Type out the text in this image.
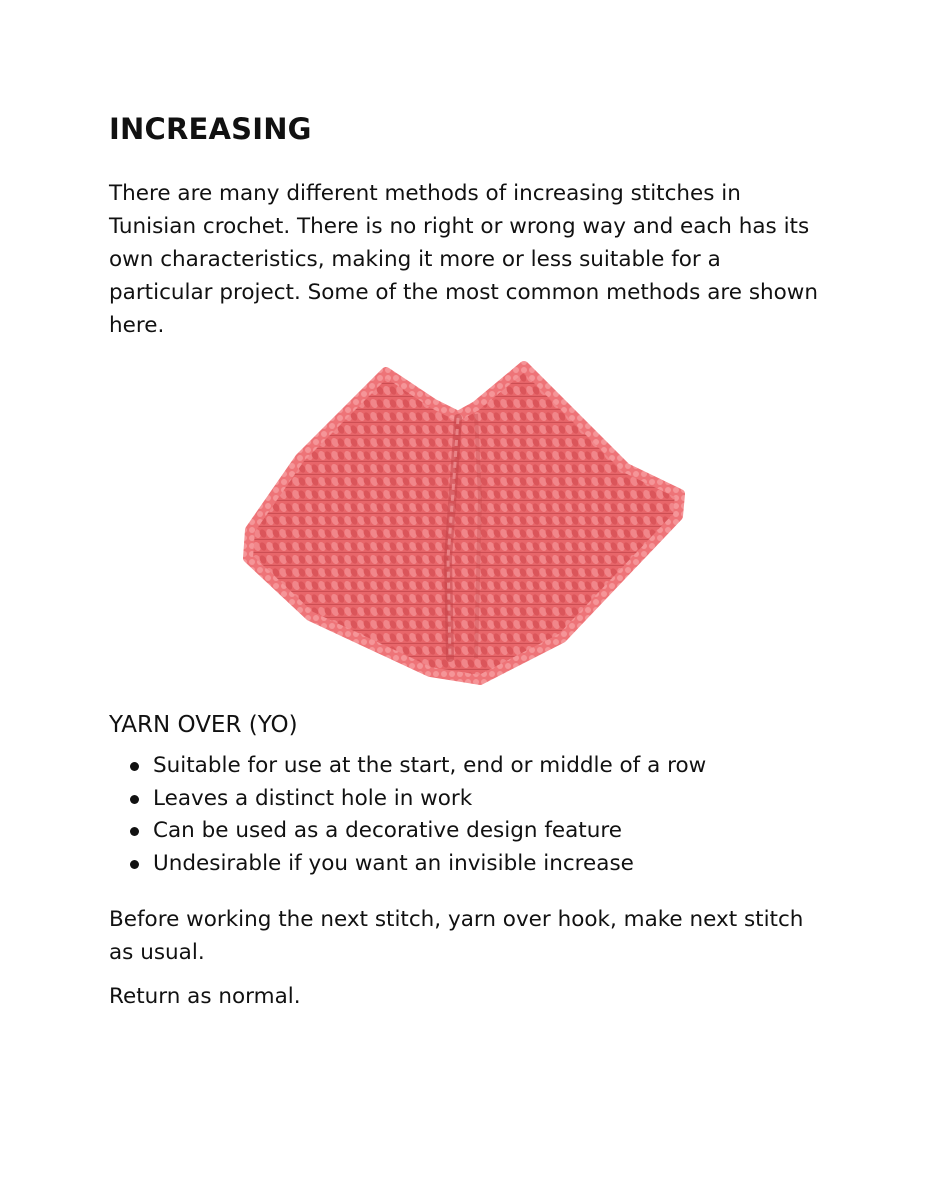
INCREASING

There are many different methods of increasing stitches in Tunisian crochet. There is no right or wrong way and each has its own characteristics, making it more or less suitable for a particular project. Some of the most common methods are shown here.

YARN OVER (YO)
Suitable for use at the start, end or middle of a row
Leaves a distinct hole in work
Can be used as a decorative design feature
Undesirable if you want an invisible increase

Before working the next stitch, yarn over hook, make next stitch as usual.

Return as normal.
